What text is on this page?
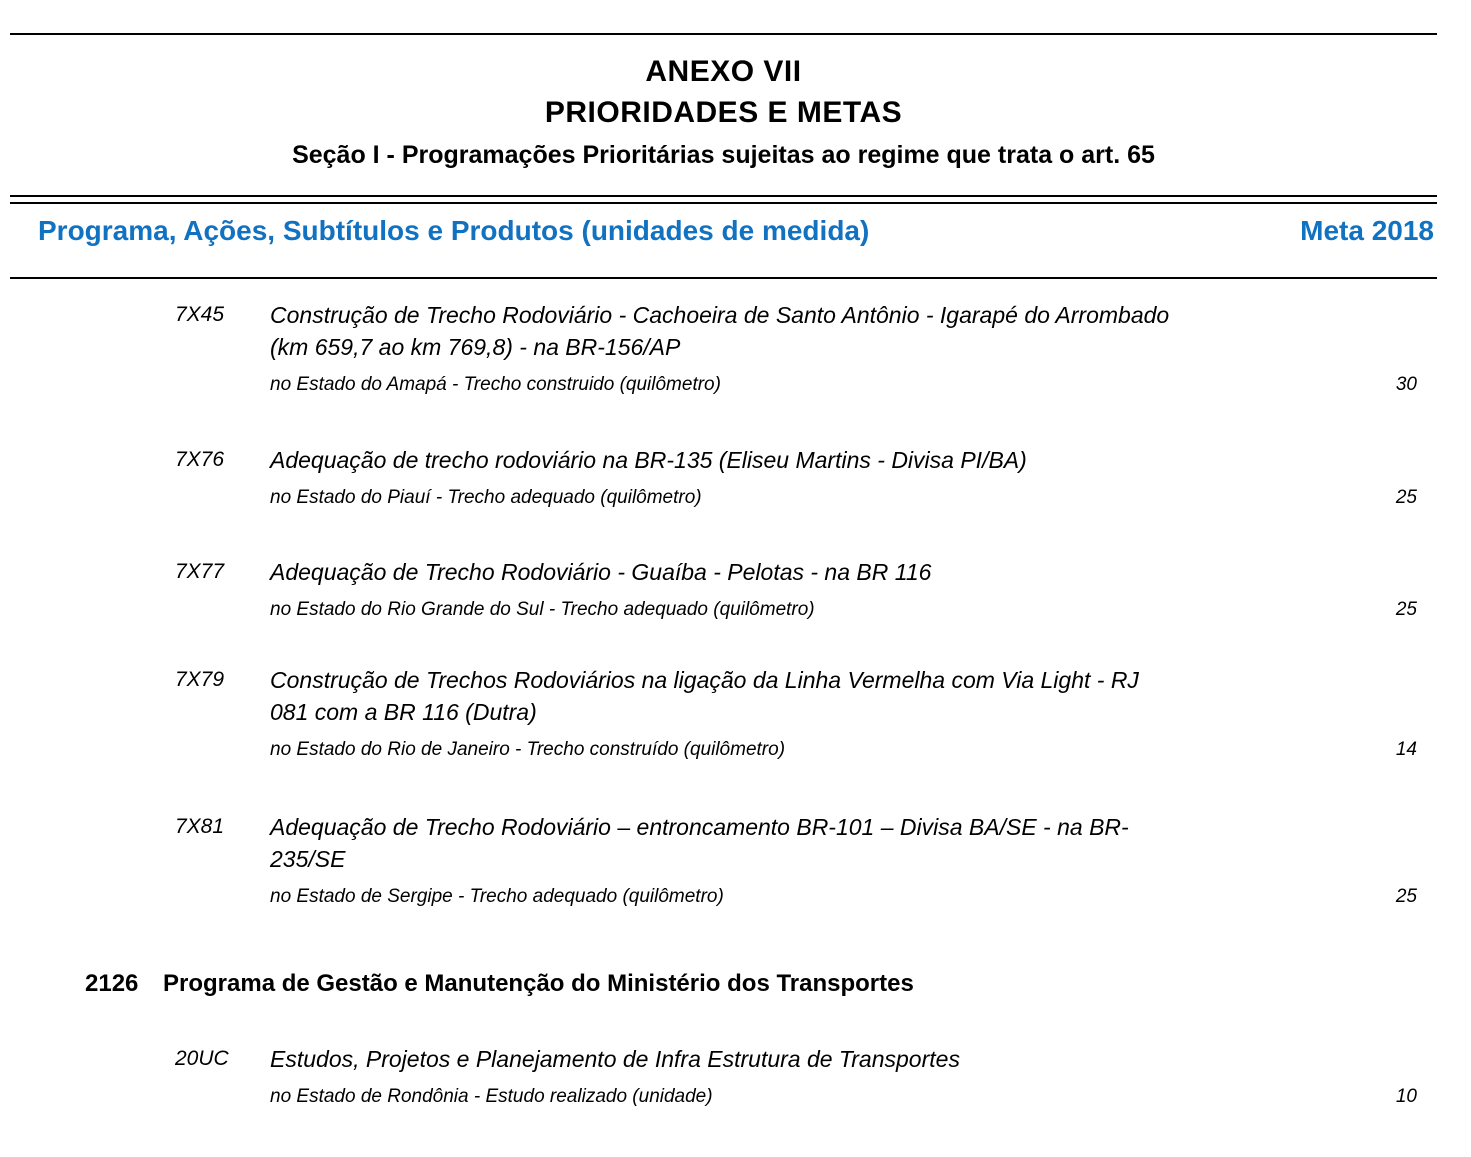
ANEXO VII
PRIORIDADES E METAS
Seção I - Programações Prioritárias sujeitas ao regime que trata o art. 65
Programa, Ações, Subtítulos e Produtos (unidades de medida)	Meta 2018
7X45 Construção de Trecho Rodoviário - Cachoeira de Santo Antônio - Igarapé do Arrombado
(km 659,7 ao km 769,8) - na BR-156/AP
no Estado do Amapá - Trecho construido (quilômetro)	30
7X76 Adequação de trecho rodoviário na BR-135 (Eliseu Martins - Divisa PI/BA)
no Estado do Piauí - Trecho adequado (quilômetro)	25
7X77 Adequação de Trecho Rodoviário - Guaíba - Pelotas - na BR 116
no Estado do Rio Grande do Sul - Trecho adequado (quilômetro)	25
7X79 Construção de Trechos Rodoviários na ligação da Linha Vermelha com Via Light - RJ
081 com a BR 116 (Dutra)
no Estado do Rio de Janeiro - Trecho construído (quilômetro)	14
7X81 Adequação de Trecho Rodoviário – entroncamento BR-101 – Divisa BA/SE - na BR-
235/SE
no Estado de Sergipe - Trecho adequado (quilômetro)	25
2126 Programa de Gestão e Manutenção do Ministério dos Transportes
20UC Estudos, Projetos e Planejamento de Infra Estrutura de Transportes
no Estado de Rondônia - Estudo realizado (unidade)	10
